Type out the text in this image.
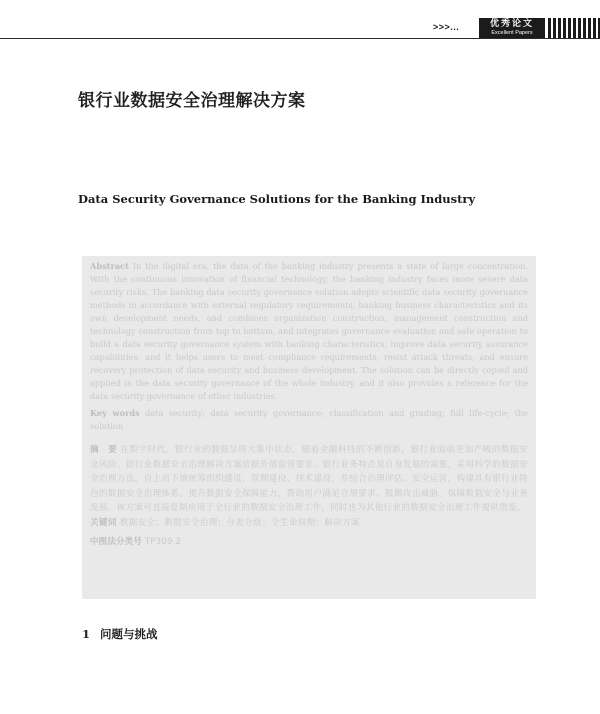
>>>...	优秀论文
Excellent Papers
银行业数据安全治理解决方案
Data Security Governance Solutions for the Banking Industry

Abstract In the digital era, the data of the banking industry presents a state of large concentration. With the continuous innovation of financial technology, the banking industry faces more severe data security risks. The banking data security governance solution adopts scientific data security governance methods in accordance with external regulatory requirements, banking business characteristics and its own development needs, and combines organization construction, management construction and technology construction from top to bottom, and integrates governance evaluation and safe operation to build a data security governance system with banking characteristics, improve data security assurance capabilities, and it helps users to meet compliance requirements, resist attack threats, and ensure recovery protection of data security and business development. The solution can be directly copied and applied in the data security governance of the whole industry, and it also provides a reference for the data security governance of other industries.

Key words data security; data security governance; classification and grading; full life-cycle; the solution

摘　要 在数字时代，银行业的数据呈现大集中状态，随着金融科技的不断创新，银行业面临更加严峻的数据安全风险。银行业数据安全治理解决方案依据外部监管要求、银行业务特点及自身发展的需要，采用科学的数据安全治理方法，自上而下地统筹组织建设、管理建设、技术建设，并结合治理评估、安全运营，构建具有银行业特色的数据安全治理体系，提升数据安全保障能力，帮助用户满足合规要求、抵御攻击威胁，保障数据安全与业务发展。该方案可直接复制应用于全行业的数据安全治理工作，同时也为其他行业的数据安全治理工作提供借鉴。

关键词 数据安全；数据安全治理；分类分级；全生命周期；解决方案

中图法分类号 TP309.2

1 问题与挑战
